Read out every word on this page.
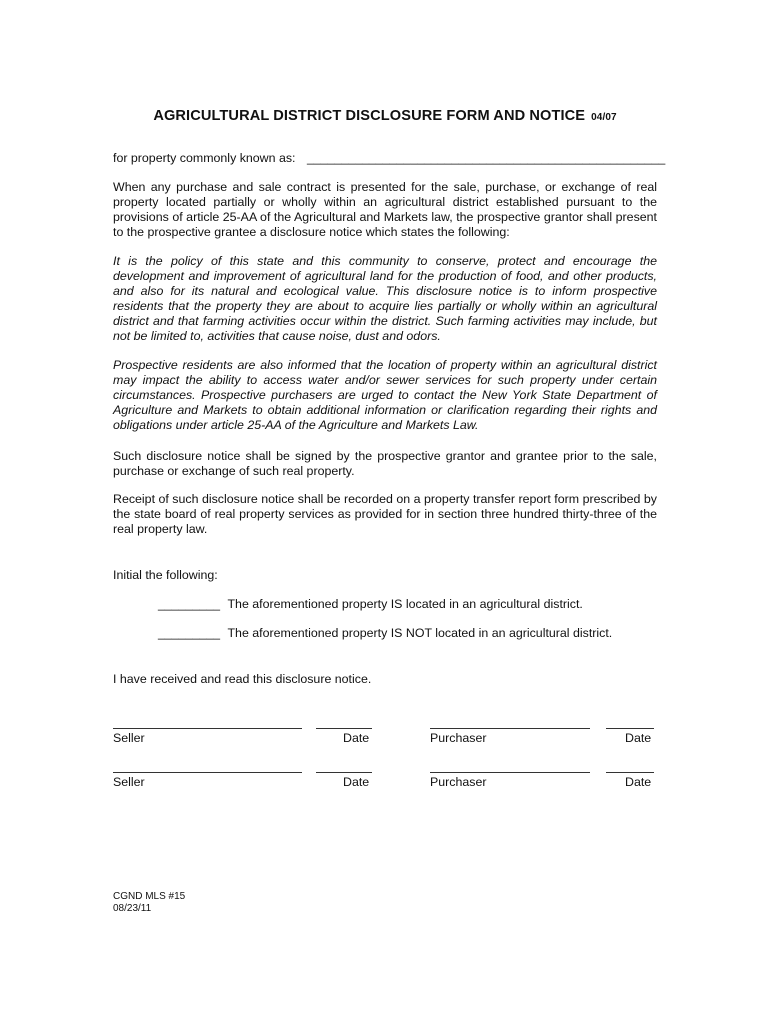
AGRICULTURAL DISTRICT DISCLOSURE FORM AND NOTICE 04/07
for property commonly known as: ____________________________________________________

When any purchase and sale contract is presented for the sale, purchase, or exchange of real property located partially or wholly within an agricultural district established pursuant to the provisions of article 25-AA of the Agricultural and Markets law, the prospective grantor shall present to the prospective grantee a disclosure notice which states the following:

It is the policy of this state and this community to conserve, protect and encourage the development and improvement of agricultural land for the production of food, and other products, and also for its natural and ecological value. This disclosure notice is to inform prospective residents that the property they are about to acquire lies partially or wholly within an agricultural district and that farming activities occur within the district. Such farming activities may include, but not be limited to, activities that cause noise, dust and odors.

Prospective residents are also informed that the location of property within an agricultural district may impact the ability to access water and/or sewer services for such property under certain circumstances. Prospective purchasers are urged to contact the New York State Department of Agriculture and Markets to obtain additional information or clarification regarding their rights and obligations under article 25-AA of the Agriculture and Markets Law.

Such disclosure notice shall be signed by the prospective grantor and grantee prior to the sale, purchase or exchange of such real property.

Receipt of such disclosure notice shall be recorded on a property transfer report form prescribed by the state board of real property services as provided for in section three hundred thirty-three of the real property law.

Initial the following:
_________ The aforementioned property IS located in an agricultural district.
_________ The aforementioned property IS NOT located in an agricultural district.
I have received and read this disclosure notice.
Seller	Date	Purchaser	Date
Seller	Date	Purchaser	Date
CGND MLS #15
08/23/11
